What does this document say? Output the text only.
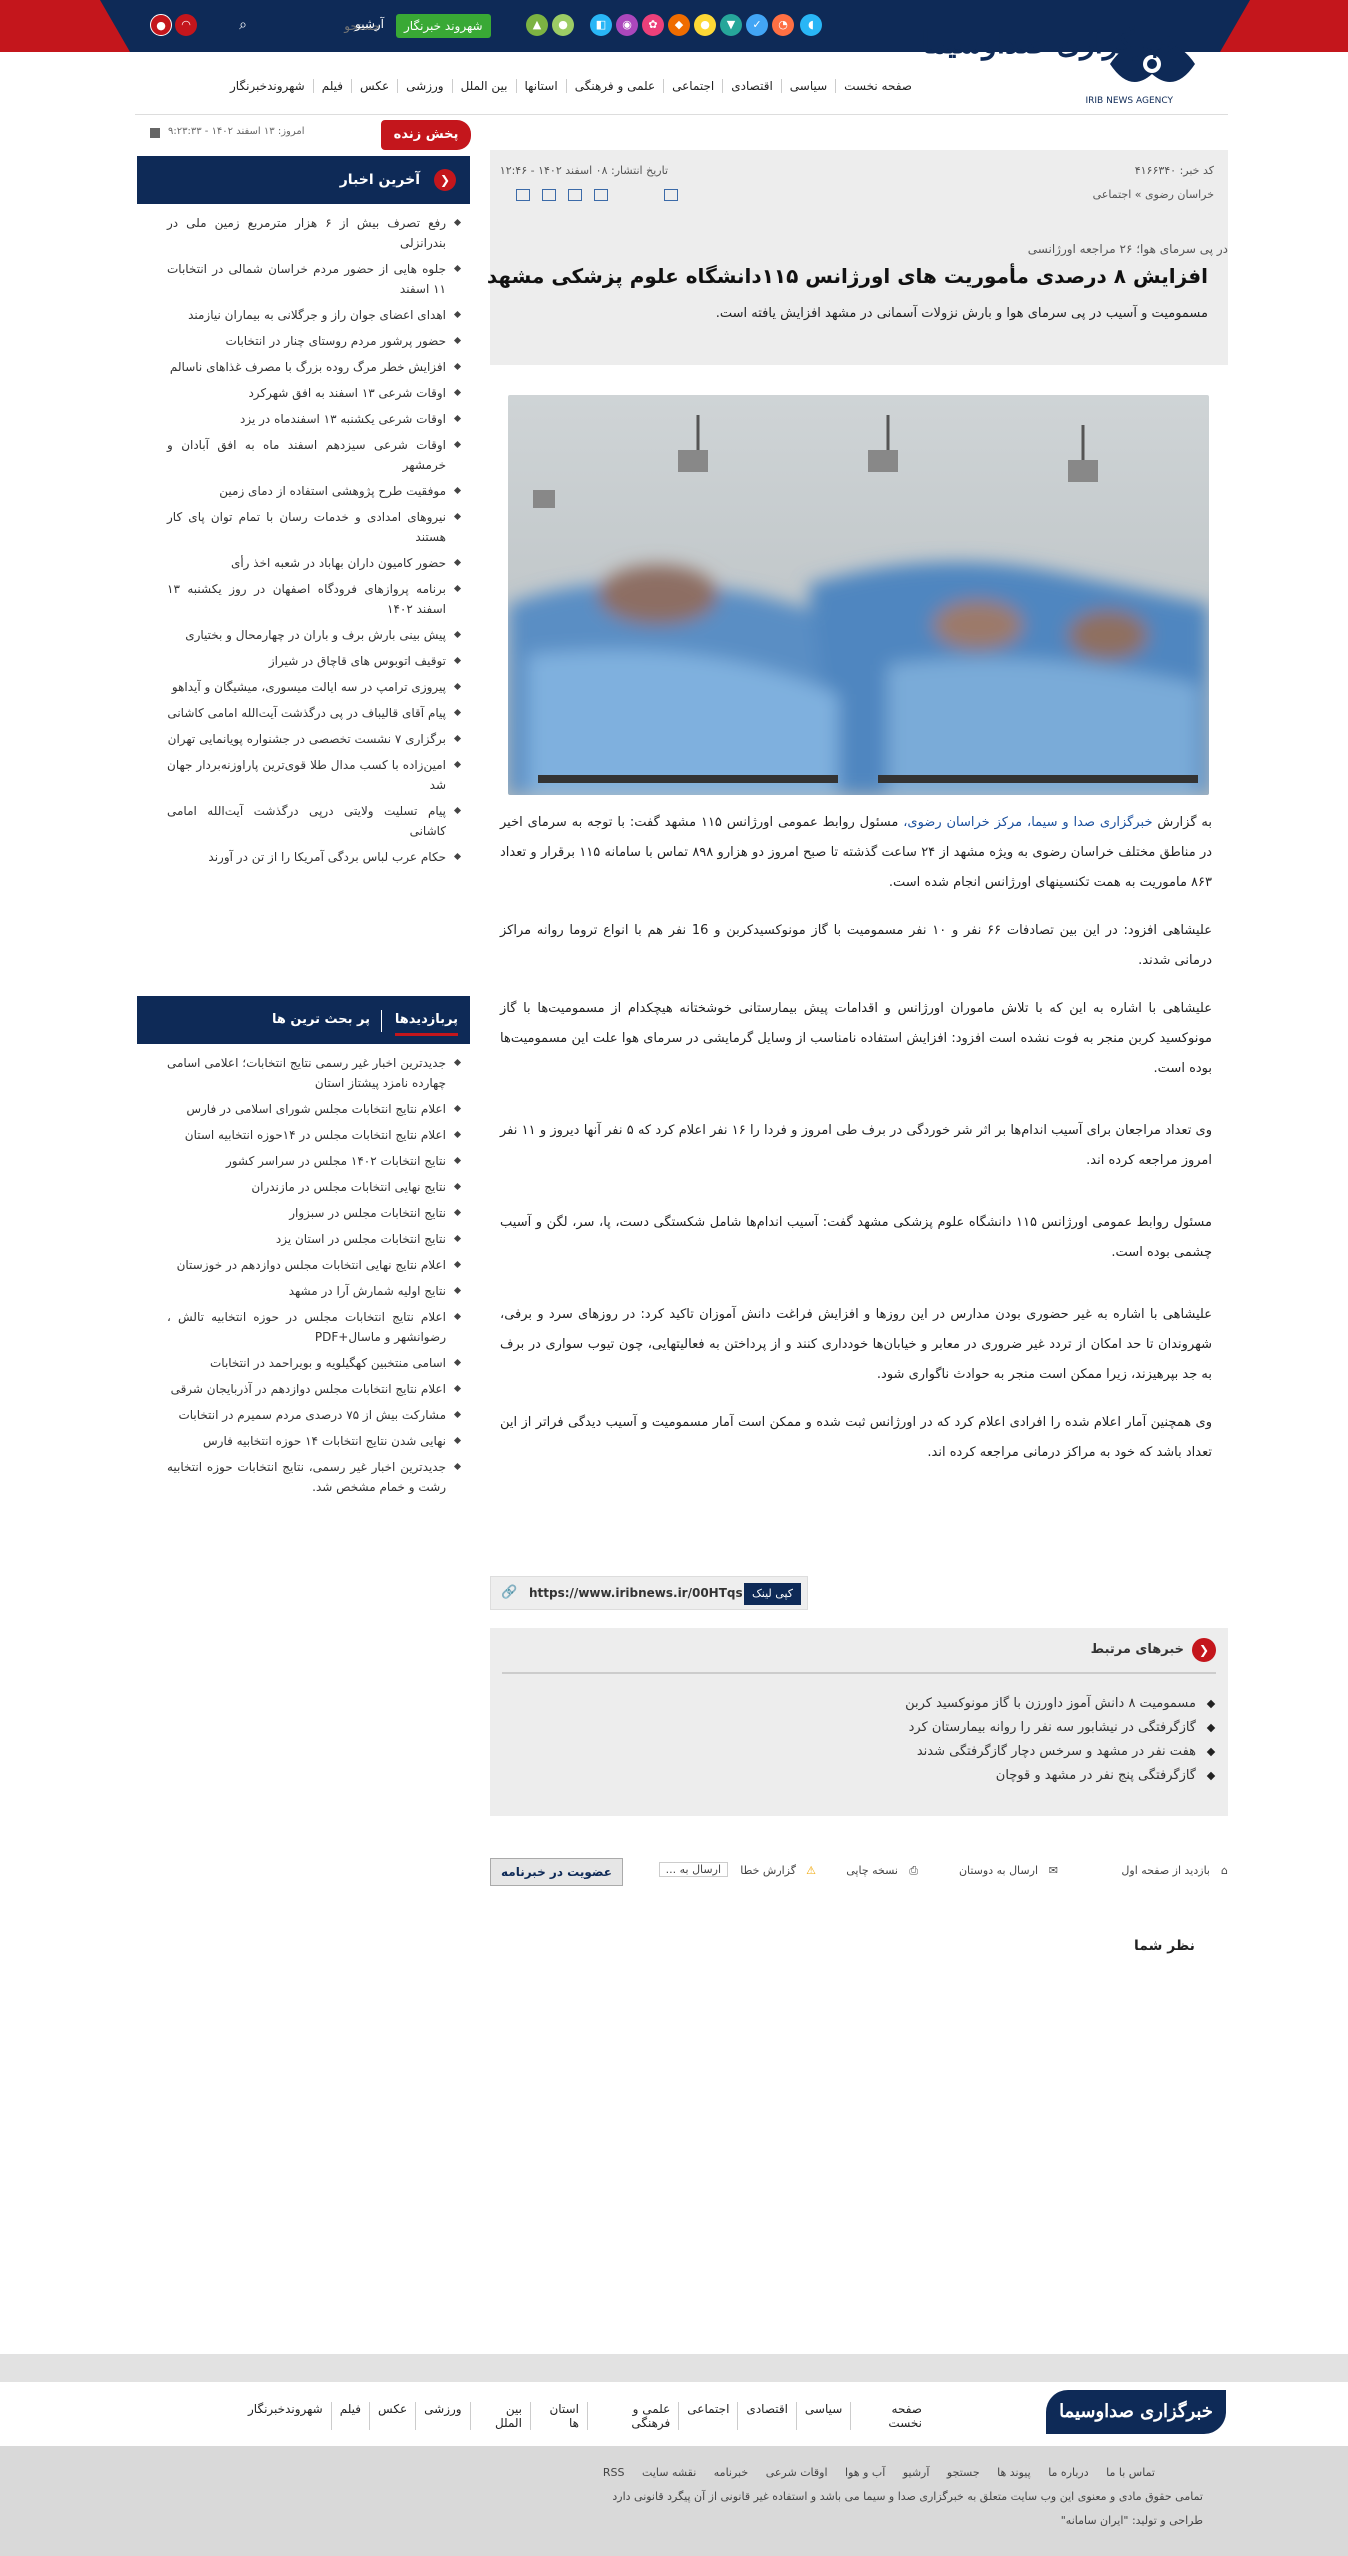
●	◠	⌕
جستجو	آرشیو	شهروند خبرنگار	▲	●	◧	◉	✿	◆	●	▼	✓	◔	◖
خبرگزاری صداوسیما
IRIB NEWS AGENCY
صفحه نخست
سیاسی
اقتصادی
اجتماعی
علمی و فرهنگی
استانها
بین الملل
ورزشی
عکس
فیلم
شهروندخبرنگار
پخش زنده
امروز: ۱۳ اسفند ۱۴۰۲ - ۹:۲۳:۳۳
❮
آخرین اخبار
رفع تصرف بیش از ۶ هزار مترمربع زمین ملی در بندرانزلی
جلوه هایی از حضور مردم خراسان شمالی در انتخابات ۱۱ اسفند
اهدای اعضای جوان راز و جرگلانی به بیماران نیازمند
حضور پرشور مردم روستای چنار در انتخابات
افزایش خطر مرگ روده بزرگ با مصرف غذاهای ناسالم
اوقات شرعی ۱۳ اسفند به افق شهرکرد
اوقات شرعی یکشنبه ۱۳ اسفندماه در یزد
اوقات شرعی سیزدهم اسفند ماه به افق آبادان و خرمشهر
موفقیت طرح پژوهشی استفاده از دمای زمین
نیروهای امدادی و خدمات رسان با تمام توان پای کار هستند
حضور کامیون داران بهاباد در شعبه اخذ رأی
برنامه پروازهای فرودگاه اصفهان در روز یکشنبه ۱۳ اسفند ۱۴۰۲
پیش بینی بارش برف و باران در چهارمحال و بختیاری
توقیف اتوبوس های قاچاق در شیراز
پیروزی ترامپ در سه ایالت میسوری، میشیگان و آیداهو
پیام آقای قالیباف در پی درگذشت آیت‌الله امامی کاشانی
برگزاری ۷ نشست تخصصی در جشنواره پویانمایی تهران
امین‌زاده با کسب مدال طلا قوی‌ترین پاراوزنه‌بردار جهان شد
پیام تسلیت ولایتی درپی درگذشت آیت‌الله امامی کاشانی
حکام عرب لباس بردگی آمریکا را از تن در آورند
پربازدیدها
پر بحث ترین ها
جدیدترین اخبار غیر رسمی نتایج انتخابات؛ اعلامی اسامی چهارده نامزد پیشتاز استان
اعلام نتایج انتخابات مجلس شورای اسلامی در فارس
اعلام نتایج انتخابات مجلس در ۱۴حوزه انتخابیه استان
نتایج انتخابات ۱۴۰۲ مجلس در سراسر کشور
نتایج نهایی انتخابات مجلس در مازندران
نتایج انتخابات مجلس در سبزوار
نتایج انتخابات مجلس در استان یزد
اعلام نتایج نهایی انتخابات مجلس دوازدهم در خوزستان
نتایج اولیه شمارش آرا در مشهد
اعلام نتایج انتخابات مجلس در حوزه انتخابیه تالش ، رضوانشهر و ماسال+PDF
اسامی منتخبین کهگیلویه و بویراحمد در انتخابات
اعلام نتایج انتخابات مجلس دوازدهم در آذربایجان شرقی
مشارکت بیش از ۷۵ درصدی مردم سمیرم در انتخابات
نهایی شدن نتایج انتخابات ۱۴ حوزه انتخابیه فارس
جدیدترین اخبار غیر رسمی، نتایج انتخابات حوزه انتخابیه رشت و خمام مشخص شد.
کد خبر: ۴۱۶۶۳۴۰
تاریخ انتشار: ۰۸ اسفند ۱۴۰۲ - ۱۲:۴۶
خراسان رضوی » اجتماعی
در پی سرمای هوا؛ ۲۶ مراجعه اورژانسی
افزایش ۸ درصدی مأموریت های اورژانس ۱۱۵دانشگاه علوم پزشکی مشهد
مسمومیت و آسیب در پی سرمای هوا و بارش نزولات آسمانی در مشهد افزایش یافته است.

به گزارش خبرگزاری صدا و سیما، مرکز خراسان رضوی، مسئول روابط عمومی اورژانس ۱۱۵ مشهد گفت: با توجه به سرمای اخیر در مناطق مختلف خراسان رضوی به ویژه مشهد از ۲۴ ساعت گذشته تا صبح امروز دو هزارو ۸۹۸ تماس با سامانه ۱۱۵ برقرار و تعداد ۸۶۳ ماموریت به همت تکنسینهای اورژانس انجام شده است.

علیشاهی افزود: در این بین تصادفات ۶۶ نفر و ۱۰ نفر مسمومیت با گاز مونوکسیدکربن و 16 نفر هم با انواع تروما روانه مراکز درمانی شدند.

علیشاهی با اشاره به این که با تلاش ماموران اورژانس و اقدامات پیش بیمارستانی خوشختانه هیچکدام از مسمومیت‌ها با گاز مونوکسید کربن منجر به فوت نشده است افزود: افزایش استفاده نامناسب از وسایل گرمایشی در سرمای هوا علت این مسمومیت‌ها بوده است.

وی تعداد مراجعان برای آسیب اندام‌ها بر اثر شر خوردگی در برف طی امروز و فردا را ۱۶ نفر اعلام کرد که ۵ نفر آنها دیروز و ۱۱ نفر امروز مراجعه کرده اند.

مسئول روابط عمومی اورژانس ۱۱۵ دانشگاه علوم پزشکی مشهد گفت: آسیب اندام‌ها شامل شکستگی دست، پا، سر، لگن و آسیب چشمی بوده است.

علیشاهی با اشاره به غیر حضوری بودن مدارس در این روزها و افزایش فراغت دانش آموزان تاکید کرد: در روزهای سرد و برفی، شهروندان تا حد امکان از تردد غیر ضروری در معابر و خیابان‌ها خودداری کنند و از پرداختن به فعالیتهایی، چون تیوب سواری در برف به جد بپرهیزند، زیرا ممکن است منجر به حوادث ناگواری شود.

وی همچنین آمار اعلام شده را افرادی اعلام کرد که در اورژانس ثبت شده و ممکن است آمار مسمومیت و آسیب دیدگی فراتر از این تعداد باشد که خود به مراکز درمانی مراجعه کرده اند.

کپی لینک
https://www.iribnews.ir/00HTqs
🔗
❮
خبرهای مرتبط
مسمومیت ۸ دانش آموز داورزن با گاز مونوکسید کربن
گازگرفتگی در نیشابور سه نفر را روانه بیمارستان کرد
هفت نفر در مشهد و سرخس دچار گازگرفتگی شدند
گازگرفتگی پنج نفر در مشهد و قوچان
⌂
بازدید از صفحه اول
✉
ارسال به دوستان
⎙
نسخه چاپی
⚠
گزارش خطا
ارسال به ...
عضویت در خبرنامه
نظر شما
خبرگزاری صداوسیما
صفحه نخست
سیاسی
اقتصادی
اجتماعی
علمی و فرهنگی
استان ها
بین الملل
ورزشی
عکس
فیلم
شهروندخبرنگار
تماس با ما درباره ما پیوند ها جستجو آرشیو آب و هوا اوقات شرعی خبرنامه نقشه سایت RSS
تمامی حقوق مادی و معنوی این وب سایت متعلق به خبرگزاری صدا و سیما می باشد و استفاده غیر قانونی از آن پیگرد قانونی دارد
طراحی و تولید: "ایران سامانه"
